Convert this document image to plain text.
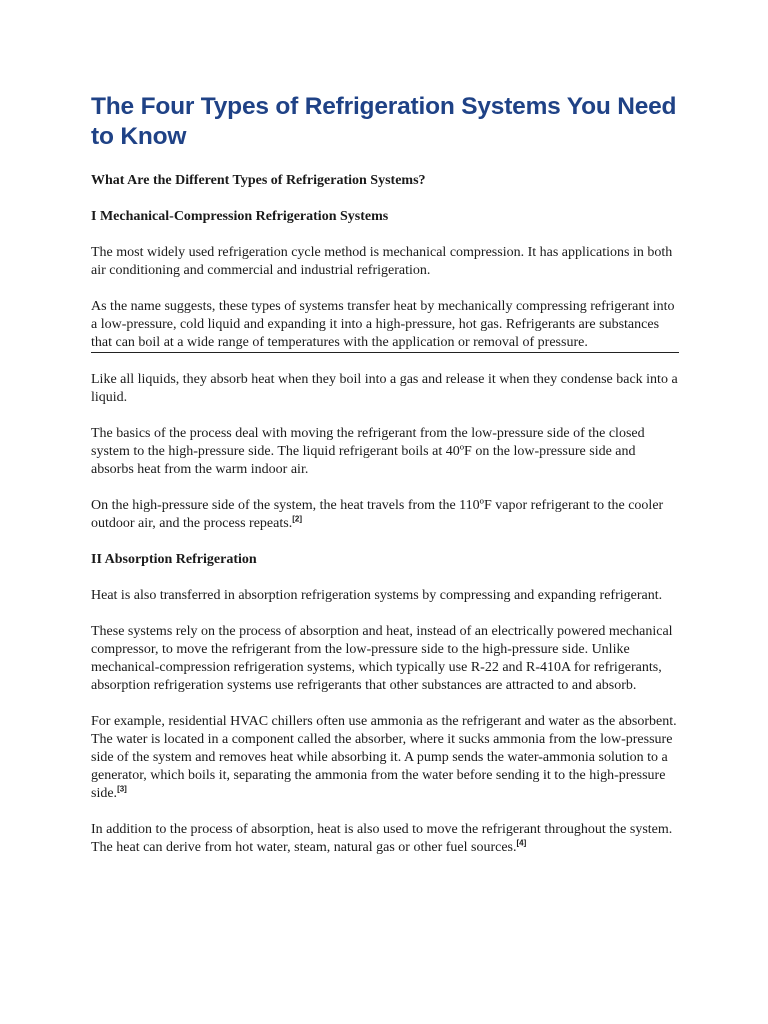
The Four Types of Refrigeration Systems You Need to Know

What Are the Different Types of Refrigeration Systems?

I Mechanical-Compression Refrigeration Systems

The most widely used refrigeration cycle method is mechanical compression. It has applications in both air conditioning and commercial and industrial refrigeration.

As the name suggests, these types of systems transfer heat by mechanically compressing refrigerant into a low-pressure, cold liquid and expanding it into a high-pressure, hot gas. Refrigerants are substances that can boil at a wide range of temperatures with the application or removal of pressure.

Like all liquids, they absorb heat when they boil into a gas and release it when they condense back into a liquid.

The basics of the process deal with moving the refrigerant from the low-pressure side of the closed system to the high-pressure side. The liquid refrigerant boils at 40ºF on the low-pressure side and absorbs heat from the warm indoor air.

On the high-pressure side of the system, the heat travels from the 110ºF vapor refrigerant to the cooler outdoor air, and the process repeats.[2]

II Absorption Refrigeration

Heat is also transferred in absorption refrigeration systems by compressing and expanding refrigerant.

These systems rely on the process of absorption and heat, instead of an electrically powered mechanical compressor, to move the refrigerant from the low-pressure side to the high-pressure side. Unlike mechanical-compression refrigeration systems, which typically use R-22 and R-410A for refrigerants, absorption refrigeration systems use refrigerants that other substances are attracted to and absorb.

For example, residential HVAC chillers often use ammonia as the refrigerant and water as the absorbent. The water is located in a component called the absorber, where it sucks ammonia from the low-pressure side of the system and removes heat while absorbing it. A pump sends the water-ammonia solution to a generator, which boils it, separating the ammonia from the water before sending it to the high-pressure side.[3]

In addition to the process of absorption, heat is also used to move the refrigerant throughout the system. The heat can derive from hot water, steam, natural gas or other fuel sources.[4]
